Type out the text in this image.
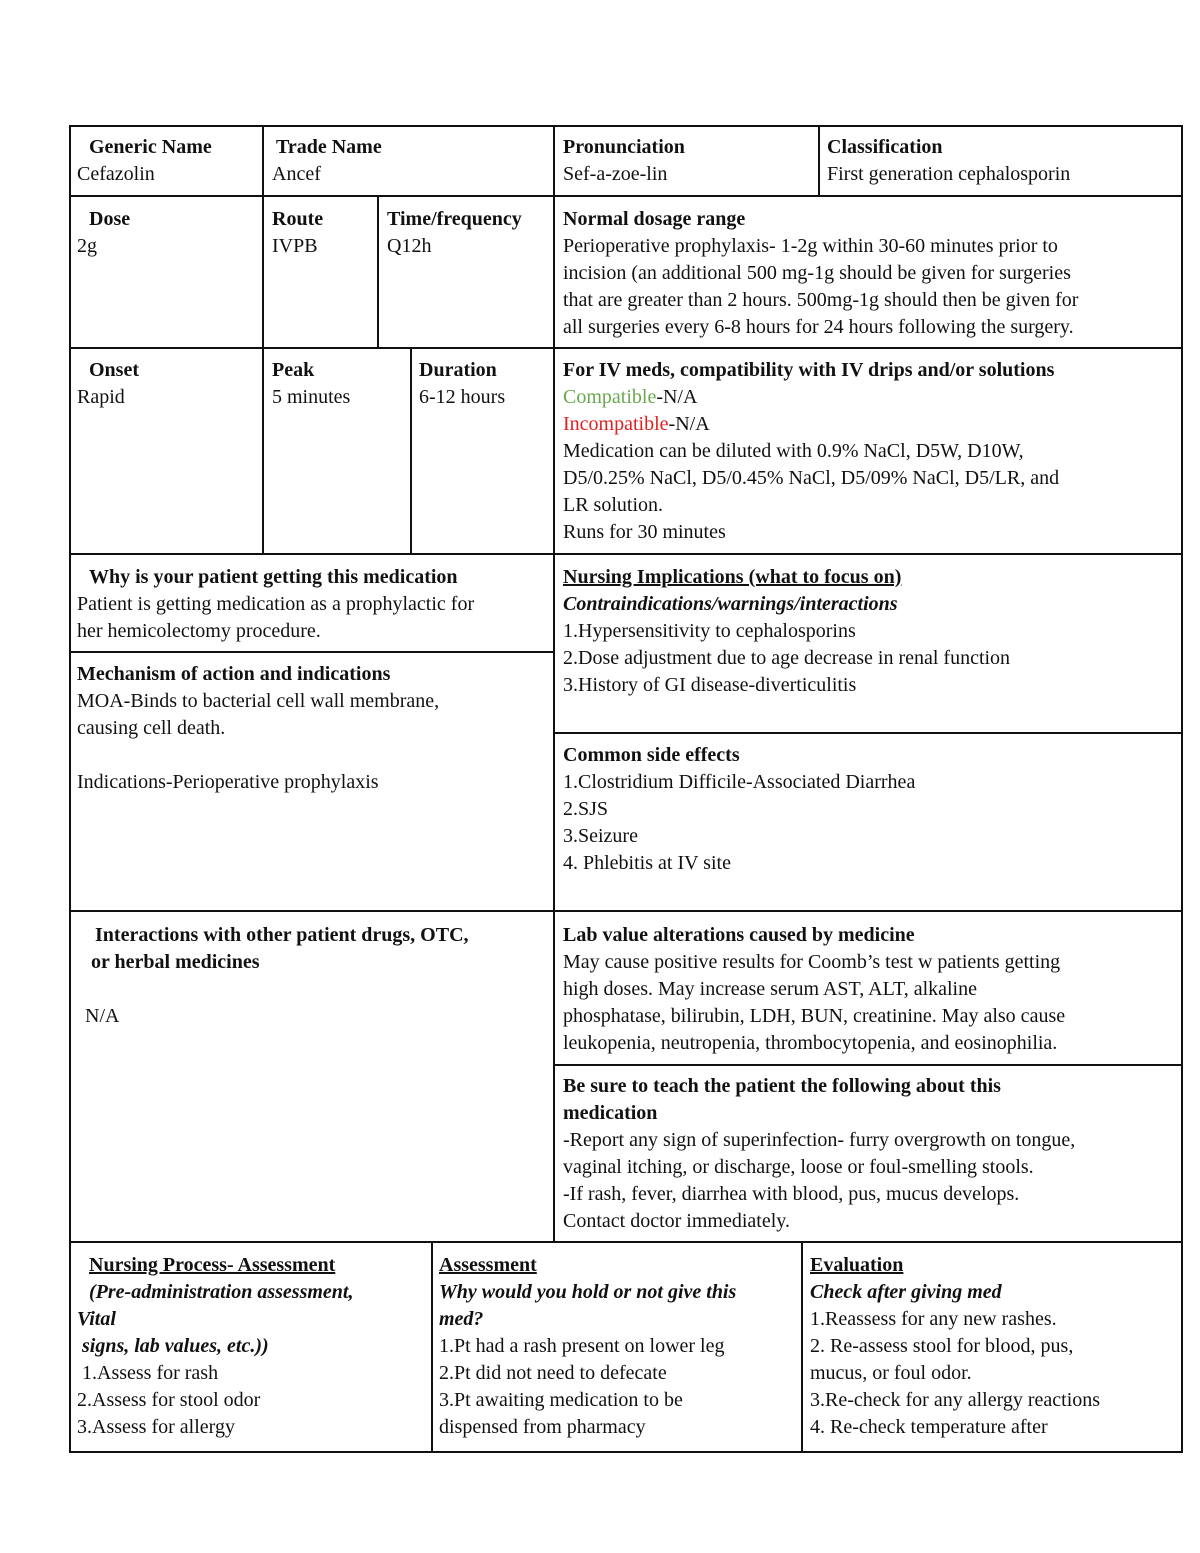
Generic Name
Cefazolin
Trade Name
Ancef
Pronunciation
Sef-a-zoe-lin
Classification
First generation cephalosporin
Dose
2g
Route
IVPB
Time/frequency
Q12h
Normal dosage range
Perioperative prophylaxis- 1-2g within 30-60 minutes prior to
incision (an additional 500 mg-1g should be given for surgeries
that are greater than 2 hours. 500mg-1g should then be given for
all surgeries every 6-8 hours for 24 hours following the surgery.
Onset
Rapid
Peak
5 minutes
Duration
6-12 hours
For IV meds, compatibility with IV drips and/or solutions
Compatible-N/A
Incompatible-N/A
Medication can be diluted with 0.9% NaCl, D5W, D10W,
D5/0.25% NaCl, D5/0.45% NaCl, D5/09% NaCl, D5/LR, and
LR solution.
Runs for 30 minutes
Why is your patient getting this medication
Patient is getting medication as a prophylactic for
her hemicolectomy procedure.
Mechanism of action and indications
MOA-Binds to bacterial cell wall membrane,
causing cell death.
Indications-Perioperative prophylaxis
Nursing Implications (what to focus on)
Contraindications/warnings/interactions
1.Hypersensitivity to cephalosporins
2.Dose adjustment due to age decrease in renal function
3.History of GI disease-diverticulitis
Common side effects
1.Clostridium Difficile-Associated Diarrhea
2.SJS
3.Seizure
4. Phlebitis at IV site
Interactions with other patient drugs, OTC,
or herbal medicines
N/A
Lab value alterations caused by medicine
May cause positive results for Coomb’s test w patients getting
high doses. May increase serum AST, ALT, alkaline
phosphatase, bilirubin, LDH, BUN, creatinine. May also cause
leukopenia, neutropenia, thrombocytopenia, and eosinophilia.
Be sure to teach the patient the following about this
medication
-Report any sign of superinfection- furry overgrowth on tongue,
vaginal itching, or discharge, loose or foul-smelling stools.
-If rash, fever, diarrhea with blood, pus, mucus develops.
Contact doctor immediately.
Nursing Process- Assessment
(Pre-administration assessment,
Vital
signs, lab values, etc.))
1.Assess for rash
2.Assess for stool odor
3.Assess for allergy
Assessment
Why would you hold or not give this
med?
1.Pt had a rash present on lower leg
2.Pt did not need to defecate
3.Pt awaiting medication to be
dispensed from pharmacy
Evaluation
Check after giving med
1.Reassess for any new rashes.
2. Re-assess stool for blood, pus,
mucus, or foul odor.
3.Re-check for any allergy reactions
4. Re-check temperature after
